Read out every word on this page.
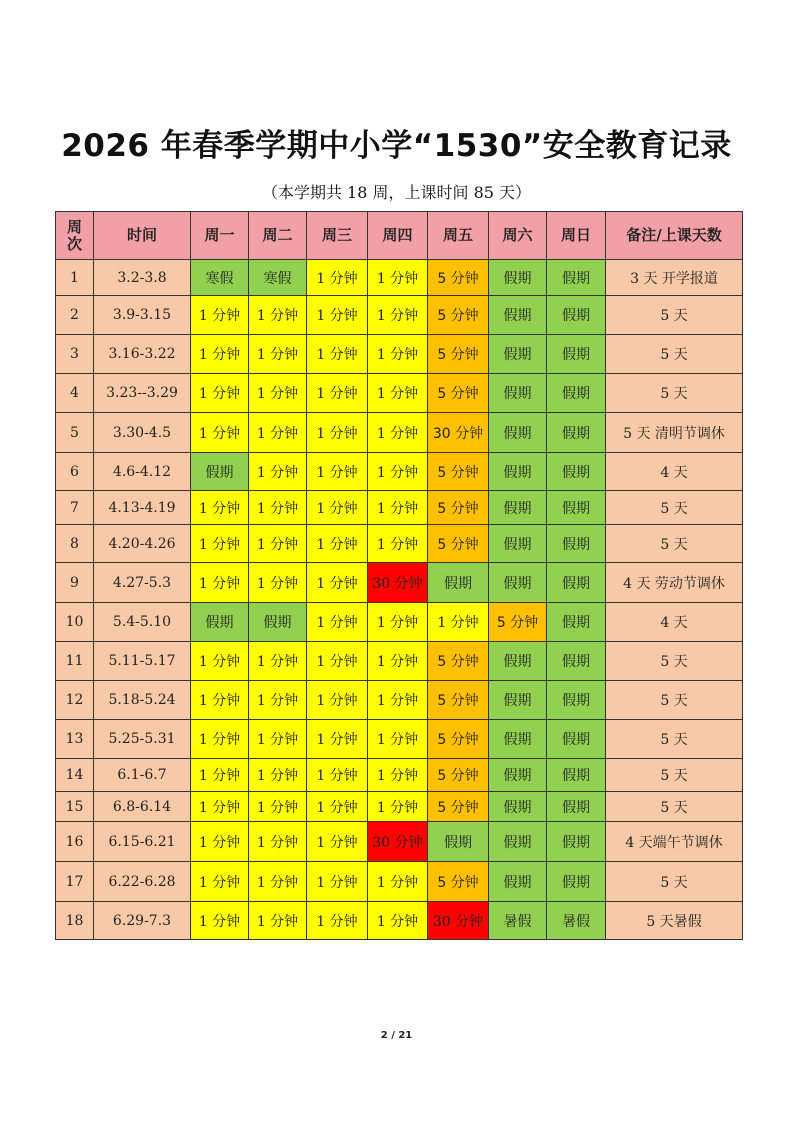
2026 年春季学期中小学“1530”安全教育记录
（本学期共 18 周，上课时间 85 天）
周
次	时间	周一	周二	周三	周四	周五	周六	周日	备注/上课天数
1	3.2-3.8	寒假	寒假	1 分钟	1 分钟	5 分钟	假期	假期	3 天 开学报道
2	3.9-3.15	1 分钟	1 分钟	1 分钟	1 分钟	5 分钟	假期	假期	5 天
3	3.16-3.22	1 分钟	1 分钟	1 分钟	1 分钟	5 分钟	假期	假期	5 天
4	3.23--3.29	1 分钟	1 分钟	1 分钟	1 分钟	5 分钟	假期	假期	5 天
5	3.30-4.5	1 分钟	1 分钟	1 分钟	1 分钟	30 分钟	假期	假期	5 天 清明节调休
6	4.6-4.12	假期	1 分钟	1 分钟	1 分钟	5 分钟	假期	假期	4 天
7	4.13-4.19	1 分钟	1 分钟	1 分钟	1 分钟	5 分钟	假期	假期	5 天
8	4.20-4.26	1 分钟	1 分钟	1 分钟	1 分钟	5 分钟	假期	假期	5 天
9	4.27-5.3	1 分钟	1 分钟	1 分钟	30 分钟	假期	假期	假期	4 天 劳动节调休
10	5.4-5.10	假期	假期	1 分钟	1 分钟	1 分钟	5 分钟	假期	4 天
11	5.11-5.17	1 分钟	1 分钟	1 分钟	1 分钟	5 分钟	假期	假期	5 天
12	5.18-5.24	1 分钟	1 分钟	1 分钟	1 分钟	5 分钟	假期	假期	5 天
13	5.25-5.31	1 分钟	1 分钟	1 分钟	1 分钟	5 分钟	假期	假期	5 天
14	6.1-6.7	1 分钟	1 分钟	1 分钟	1 分钟	5 分钟	假期	假期	5 天
15	6.8-6.14	1 分钟	1 分钟	1 分钟	1 分钟	5 分钟	假期	假期	5 天
16	6.15-6.21	1 分钟	1 分钟	1 分钟	30 分钟	假期	假期	假期	4 天端午节调休
17	6.22-6.28	1 分钟	1 分钟	1 分钟	1 分钟	5 分钟	假期	假期	5 天
18	6.29-7.3	1 分钟	1 分钟	1 分钟	1 分钟	30 分钟	暑假	暑假	5 天暑假
2 / 21
